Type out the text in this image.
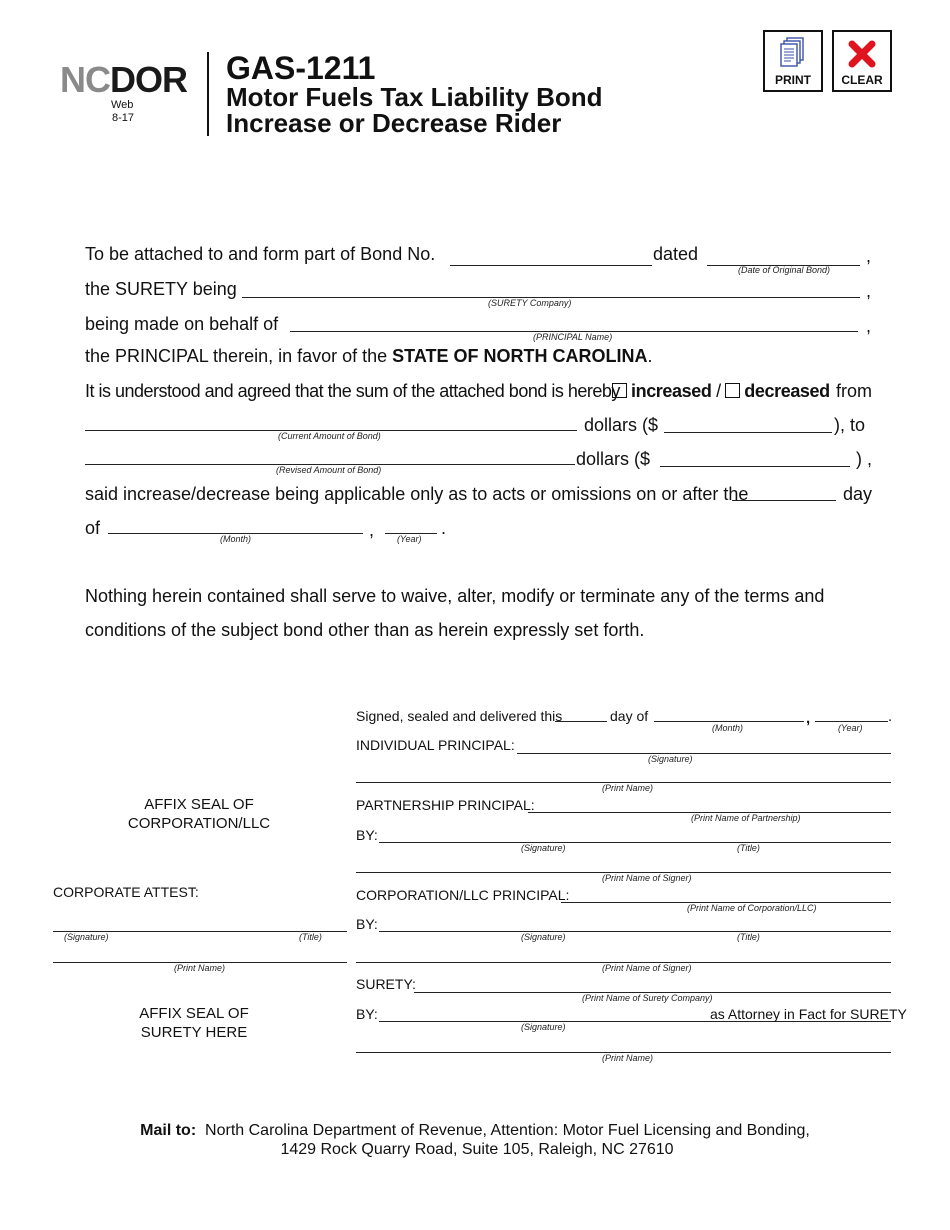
NCDOR
Web
8-17
GAS-1211
Motor Fuels Tax Liability Bond
Increase or Decrease Rider
PRINT	CLEAR
To be attached to and form part of Bond No.	dated
(Date of Original Bond)
,
the SURETY being
(SURETY Company)
,
being made on behalf of
(PRINCIPAL Name)
,
the PRINCIPAL therein, in favor of the STATE OF NORTH CAROLINA.
It is understood and agreed that the sum of the attached bond is hereby increased / decreased from
(Current Amount of Bond)
dollars ($	), to
(Revised Amount of Bond)
dollars ($	) ,
said increase/decrease being applicable only as to acts or omissions on or after the	day
of
(Month)	,	(Year)
.
Nothing herein contained shall serve to waive, alter, modify or terminate any of the terms and
conditions of the subject bond other than as herein expressly set forth.
Signed, sealed and delivered this	day of
(Month)
,
(Year)
.
INDIVIDUAL PRINCIPAL:
(Signature)
(Print Name)
PARTNERSHIP PRINCIPAL:
(Print Name of Partnership)
BY:
(Signature)	(Title)
(Print Name of Signer)
CORPORATION/LLC PRINCIPAL:
(Print Name of Corporation/LLC)
BY:
(Signature)	(Title)
(Print Name of Signer)
SURETY:
(Print Name of Surety Company)
BY:
(Signature)
as Attorney in Fact for SURETY
(Print Name)
AFFIX SEAL OF
CORPORATION/LLC
CORPORATE ATTEST:
(Signature)	(Title)
(Print Name)
AFFIX SEAL OF
SURETY HERE
Mail to: North Carolina Department of Revenue, Attention: Motor Fuel Licensing and Bonding,
1429 Rock Quarry Road, Suite 105, Raleigh, NC 27610
